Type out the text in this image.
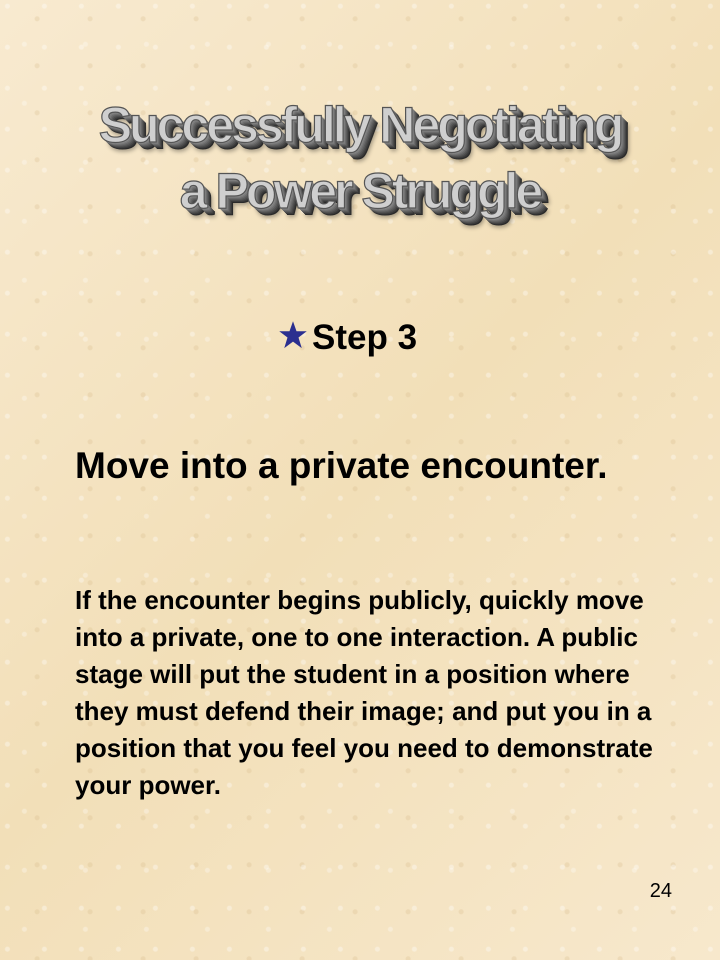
Successfully Negotiating
a Power Struggle
Step 3

Move into a private encounter.

If the encounter begins publicly, quickly move into a private, one to one interaction. A public stage will put the student in a position where they must defend their image; and put you in a position that you feel you need to demonstrate your power.

24
